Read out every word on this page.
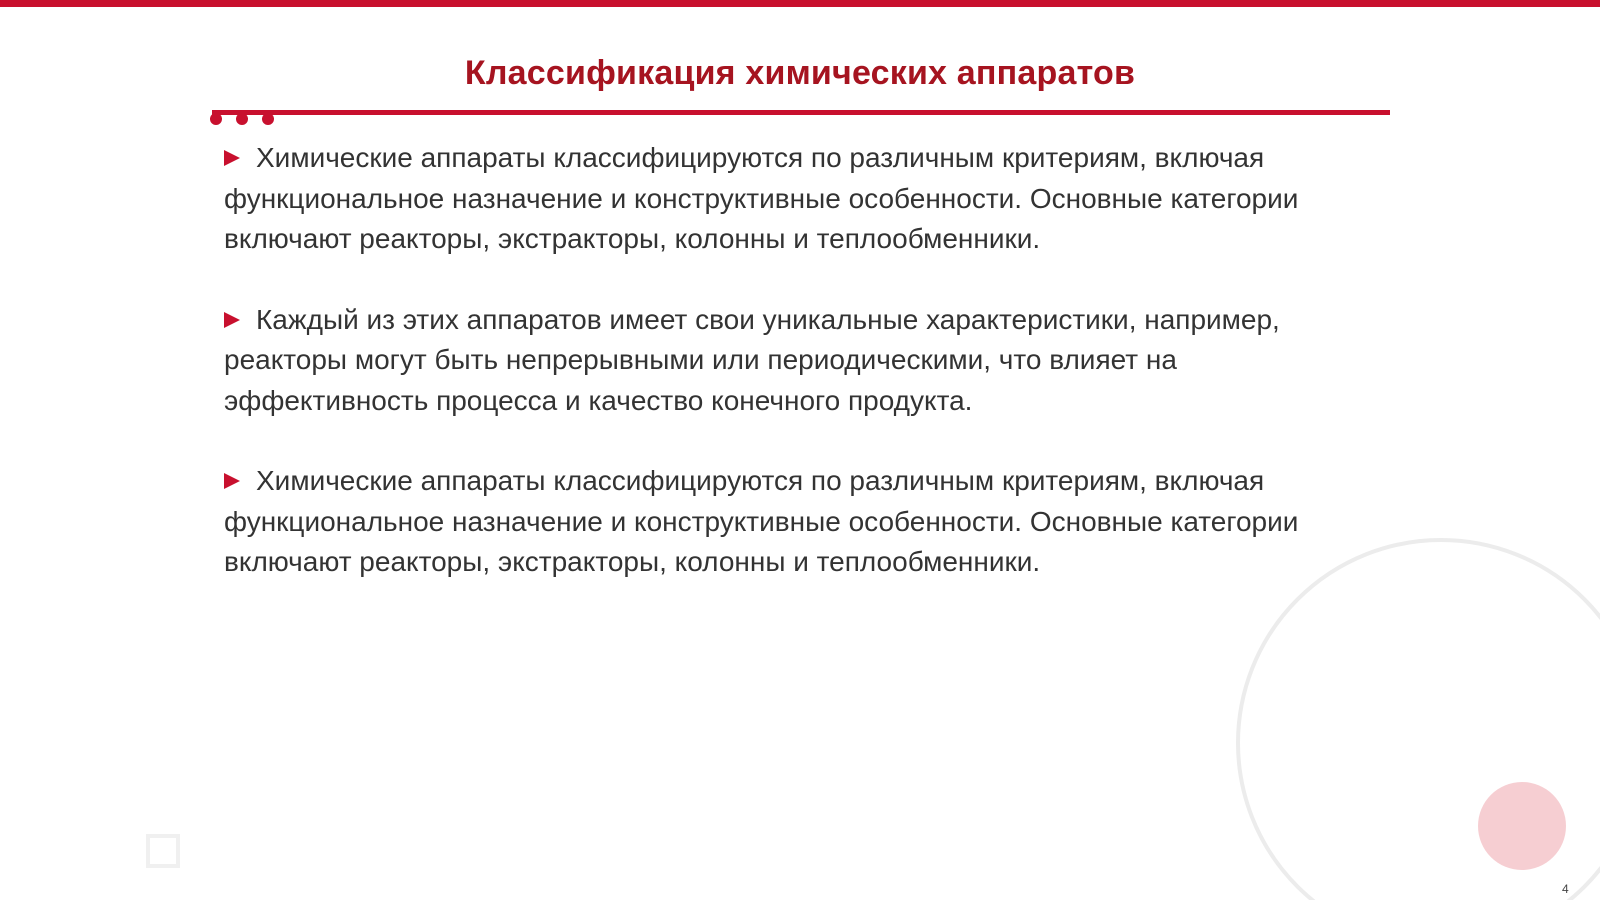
Классификация химических аппаратов
Химические аппараты классифицируются по различным критериям, включая функциональное назначение и конструктивные особенности. Основные категории включают реакторы, экстракторы, колонны и теплообменники.
Каждый из этих аппаратов имеет свои уникальные характеристики, например, реакторы могут быть непрерывными или периодическими, что влияет на эффективность процесса и качество конечного продукта.
Химические аппараты классифицируются по различным критериям, включая функциональное назначение и конструктивные особенности. Основные категории включают реакторы, экстракторы, колонны и теплообменники.
4
